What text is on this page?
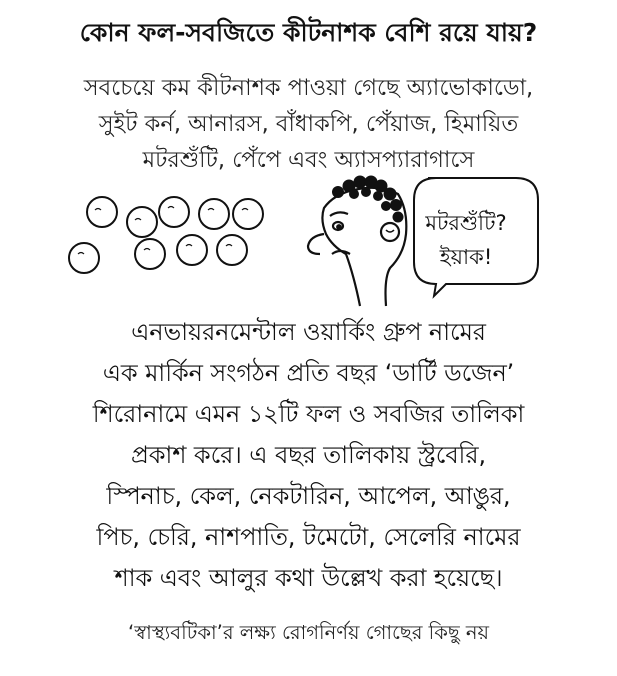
কোন ফল-সবজিতে কীটনাশক বেশি রয়ে যায়?
সবচেয়ে কম কীটনাশক পাওয়া গেছে অ্যাভোকাডো,
সুইট কর্ন, আনারস, বাঁধাকপি, পেঁয়াজ, হিমায়িত
মটরশুঁটি, পেঁপে এবং অ্যাসপ্যারাগাসে
মটরশুঁটি?
ইয়াক!
এনভায়রনমেন্টাল ওয়ার্কিং গ্রুপ নামের
এক মার্কিন সংগঠন প্রতি বছর ‘ডার্টি ডজেন’
শিরোনামে এমন ১২টি ফল ও সবজির তালিকা
প্রকাশ করে। এ বছর তালিকায় স্ট্রবেরি,
স্পিনাচ, কেল, নেকটারিন, আপেল, আঙুর,
পিচ, চেরি, নাশপাতি, টমেটো, সেলেরি নামের
শাক এবং আলুর কথা উল্লেখ করা হয়েছে।
‘স্বাস্থ্যবটিকা’র লক্ষ্য রোগনির্ণয় গোছের কিছু নয়
